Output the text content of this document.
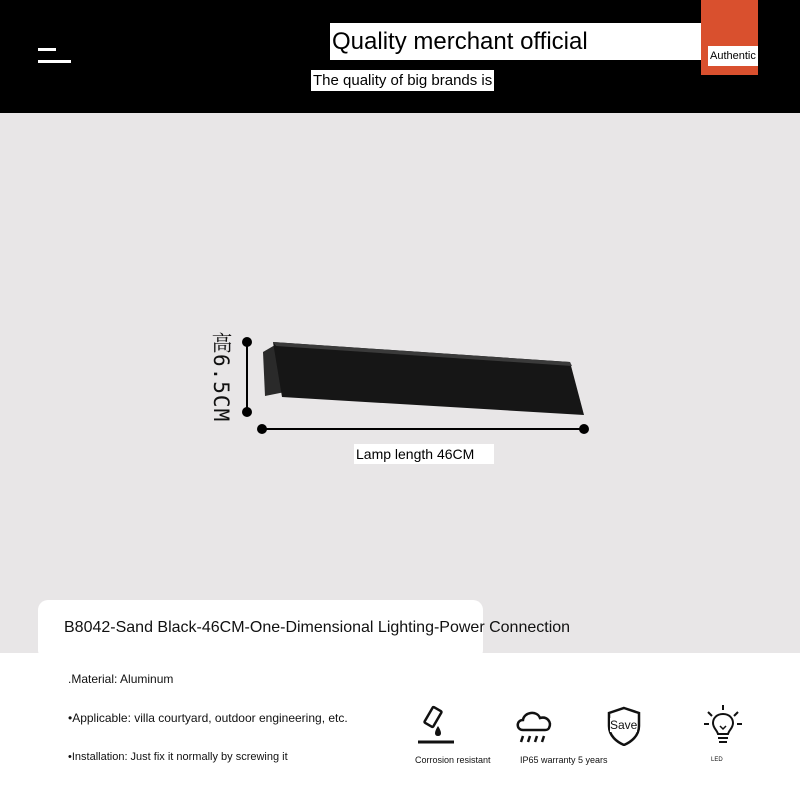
Quality merchant official
The quality of big brands is
Authentic
高6.5CM
Lamp length 46CM
B8042-Sand Black-46CM-One-Dimensional Lighting-Power Connection
.Material: Aluminum
•Applicable: villa courtyard, outdoor engineering, etc.
•Installation: Just fix it normally by screwing it	Corrosion resistant	IP65 warranty 5 years
Save
LED
